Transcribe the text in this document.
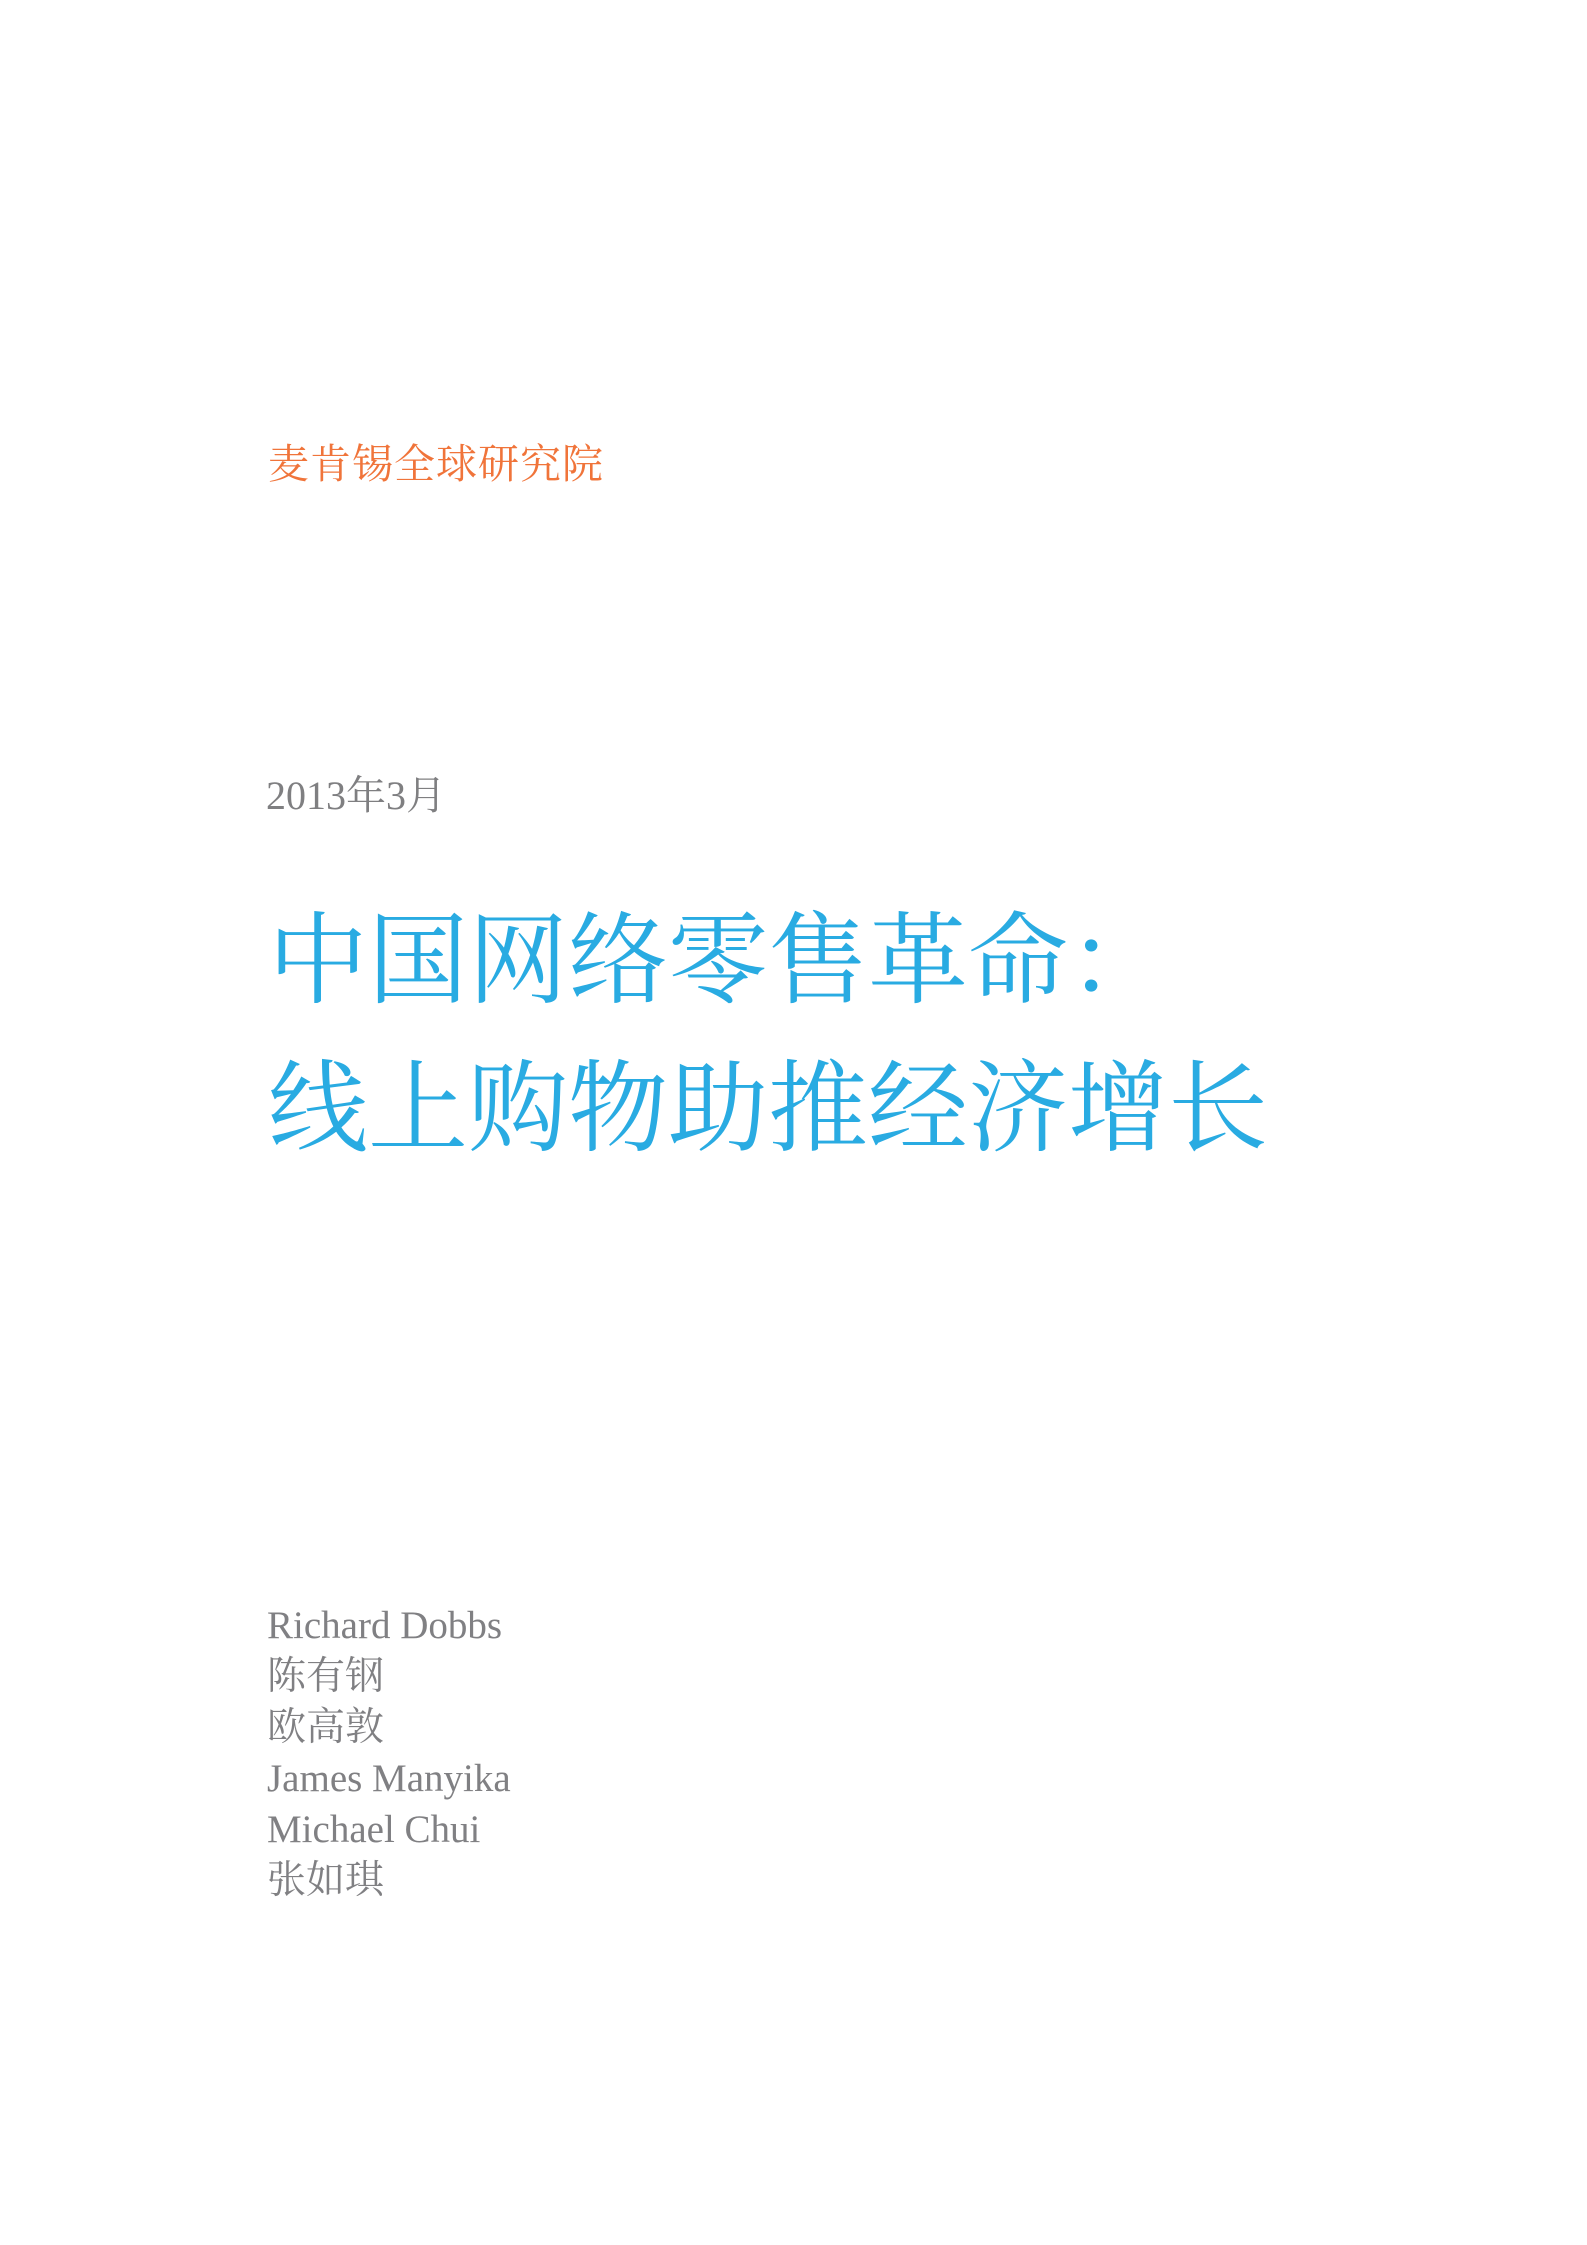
麦肯锡全球研究院
2013年3月
中国网络零售革命：
线上购物助推经济增长
Richard Dobbs
陈有钢
欧高敦
James Manyika
Michael Chui
张如琪
